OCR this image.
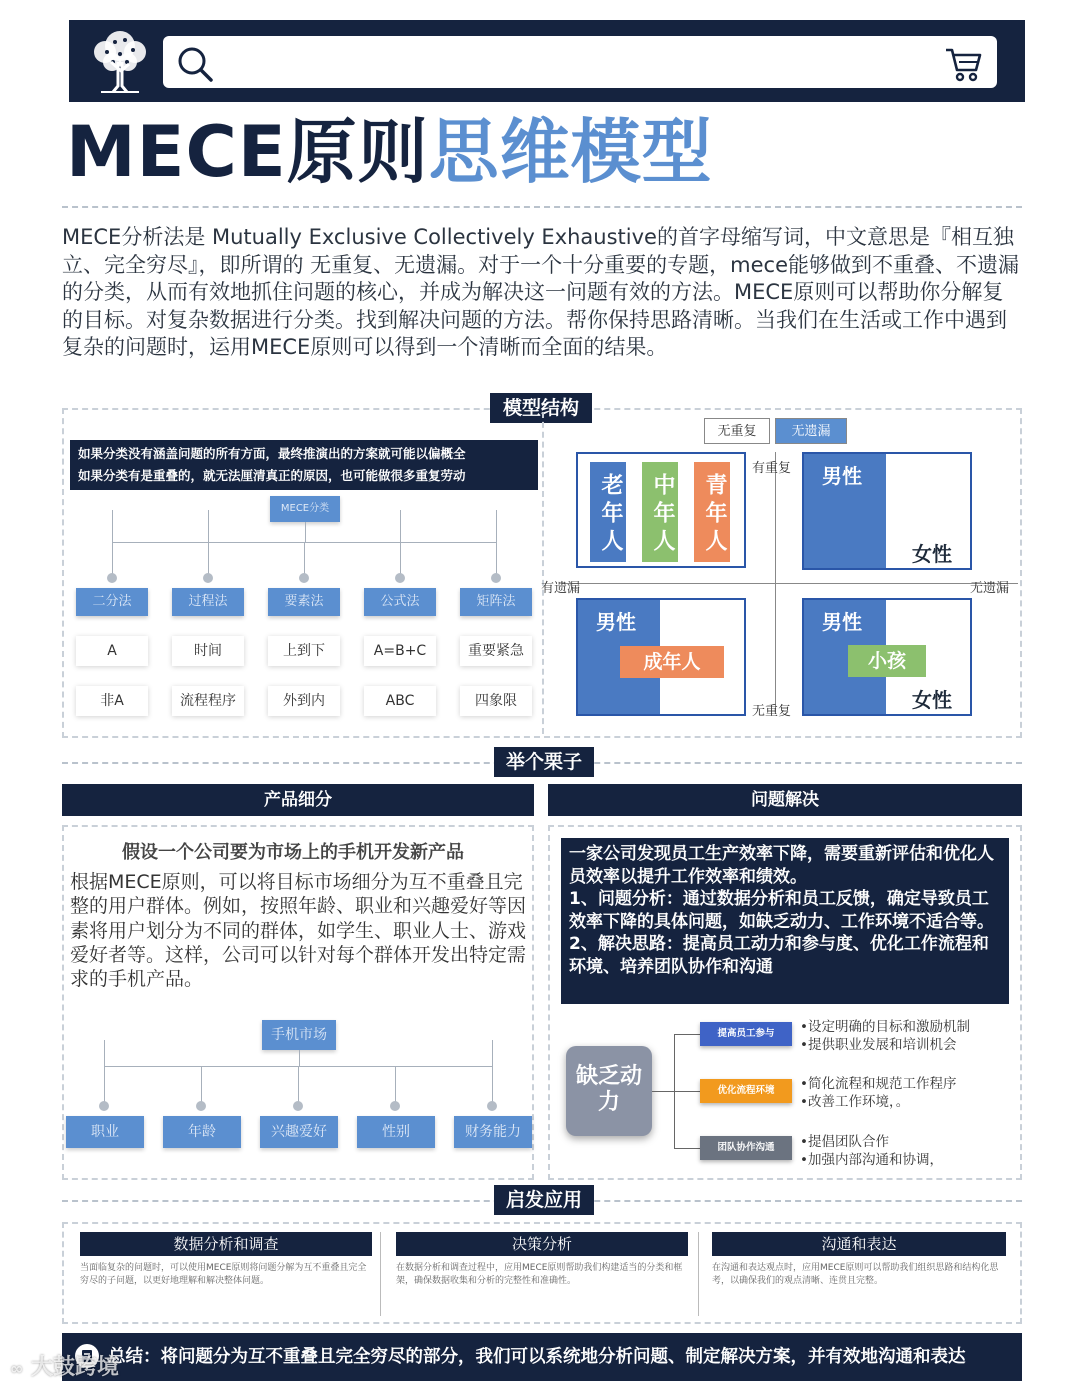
MECE原则思维模型
MECE分析法是 Mutually Exclusive Collectively Exhaustive的首字母缩写词，中文意思是『相互独立、完全穷尽』，即所谓的 无重复、无遗漏。对于一个十分重要的专题，mece能够做到不重叠、不遗漏的分类，从而有效地抓住问题的核心，并成为解决这一问题有效的方法。MECE原则可以帮助你分解复的目标。对复杂数据进行分类。找到解决问题的方法。帮你保持思路清晰。当我们在生活或工作中遇到复杂的问题时，运用MECE原则可以得到一个清晰而全面的结果。
模型结构
如果分类没有涵盖问题的所有方面，最终推演出的方案就可能以偏概全
如果分类有是重叠的，就无法厘清真正的原因，也可能做很多重复劳动
MECE分类
二分法	过程法	要素法	公式法	矩阵法
A	时间	上到下	A=B+C	重要紧急
非A	流程程序	外到内	ABC	四象限
无重复	无遗漏
有重复
无重复
有遗漏	无遗漏
老年人	中年人	青年人	男性
女性
男性
成年人
男性
小孩
女性
举个栗子
产品细分	问题解决
假设一个公司要为市场上的手机开发新产品
根据MECE原则，可以将目标市场细分为互不重叠且完整的用户群体。例如，按照年龄、职业和兴趣爱好等因素将用户划分为不同的群体，如学生、职业人士、游戏爱好者等。这样，公司可以针对每个群体开发出特定需求的手机产品。
手机市场
职业	年龄	兴趣爱好	性别	财务能力
一家公司发现员工生产效率下降，需要重新评估和优化人员效率以提升工作效率和绩效。
1、问题分析：通过数据分析和员工反馈，确定导致员工效率下降的具体问题，如缺乏动力、工作环境不适合等。
2、解决思路：提高员工动力和参与度、优化工作流程和环境、培养团队协作和沟通
缺乏动力
提高员工参与
优化流程环境
团队协作沟通
•设定明确的目标和激励机制
•提供职业发展和培训机会
•简化流程和规范工作程序
•改善工作环境，。
•提倡团队合作
•加强内部沟通和协调，
启发应用
数据分析和调查
当面临复杂的问题时，可以使用MECE原则将问题分解为互不重叠且完全穷尽的子问题，以更好地理解和解决整体问题。
决策分析
在数据分析和调查过程中，应用MECE原则帮助我们构建适当的分类和框架，确保数据收集和分析的完整性和准确性。
沟通和表达
在沟通和表达观点时，应用MECE原则可以帮助我们组织思路和结构化思考，以确保我们的观点清晰、连贯且完整。
总结：将问题分为互不重叠且完全穷尽的部分，我们可以系统地分析问题、制定解决方案，并有效地沟通和表达
∞ 大鼓跨境
